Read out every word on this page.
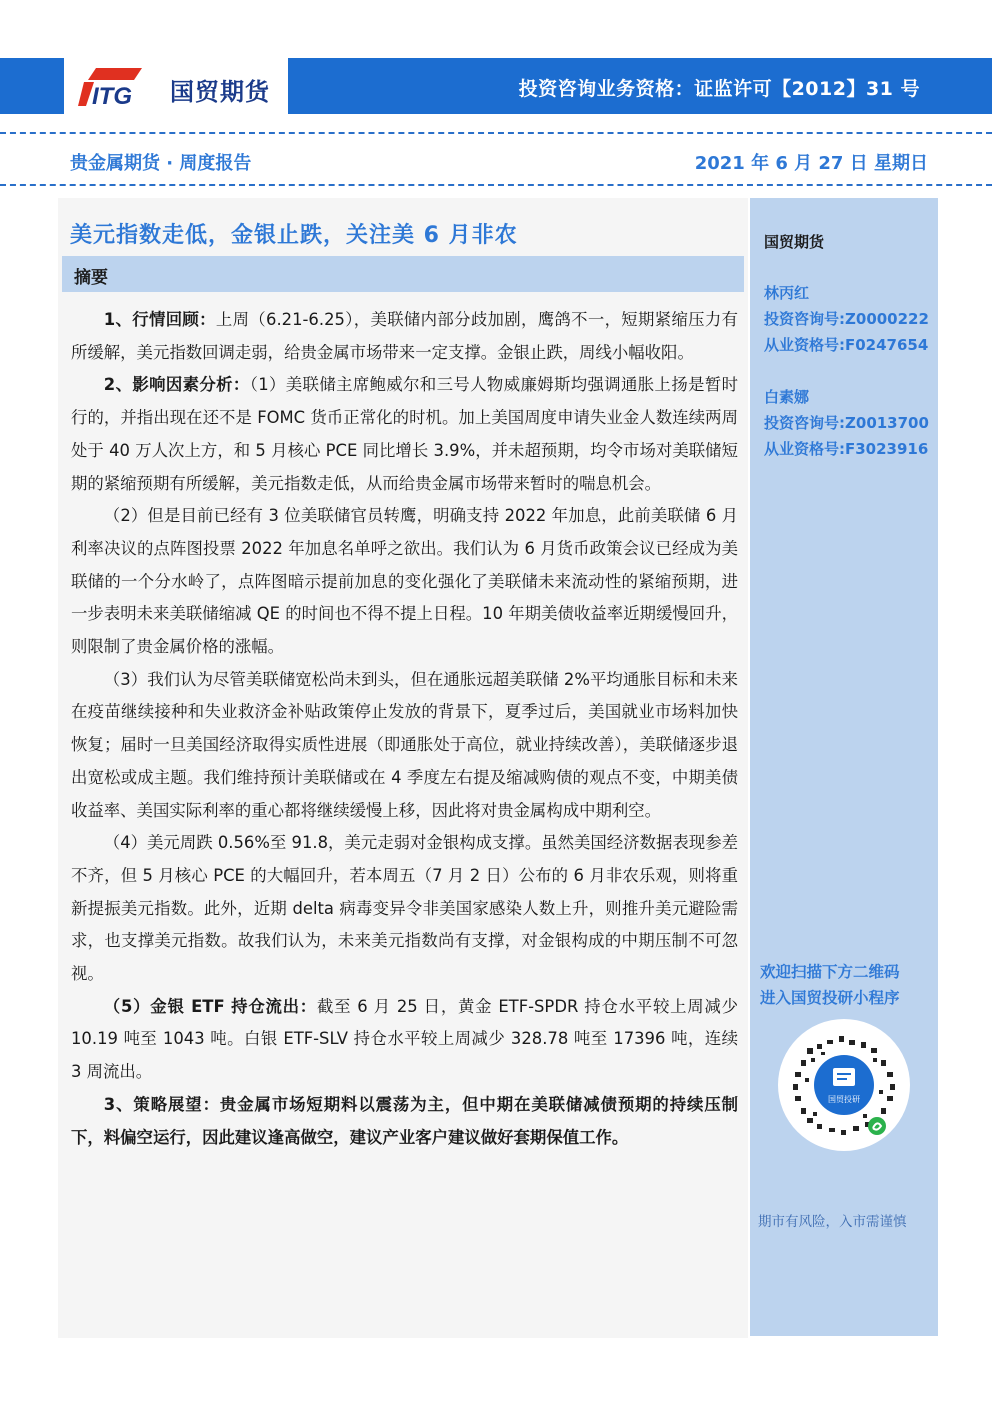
ITG 国贸期货	投资咨询业务资格：证监许可【2012】31 号
贵金属期货 · 周度报告	2021 年 6 月 27 日 星期日
美元指数走低，金银止跌，关注美 6 月非农
摘要

1、行情回顾：上周（6.21-6.25），美联储内部分歧加剧，鹰鸽不一，短期紧缩压力有所缓解，美元指数回调走弱，给贵金属市场带来一定支撑。金银止跌，周线小幅收阳。

2、影响因素分析：（1）美联储主席鲍威尔和三号人物威廉姆斯均强调通胀上扬是暂时行的，并指出现在还不是 FOMC 货币正常化的时机。加上美国周度申请失业金人数连续两周处于 40 万人次上方，和 5 月核心 PCE 同比增长 3.9%，并未超预期，均令市场对美联储短期的紧缩预期有所缓解，美元指数走低，从而给贵金属市场带来暂时的喘息机会。

（2）但是目前已经有 3 位美联储官员转鹰，明确支持 2022 年加息，此前美联储 6 月利率决议的点阵图投票 2022 年加息名单呼之欲出。我们认为 6 月货币政策会议已经成为美联储的一个分水岭了，点阵图暗示提前加息的变化强化了美联储未来流动性的紧缩预期，进一步表明未来美联储缩减 QE 的时间也不得不提上日程。10 年期美债收益率近期缓慢回升，则限制了贵金属价格的涨幅。

（3）我们认为尽管美联储宽松尚未到头，但在通胀远超美联储 2%平均通胀目标和未来在疫苗继续接种和失业救济金补贴政策停止发放的背景下，夏季过后，美国就业市场料加快恢复；届时一旦美国经济取得实质性进展（即通胀处于高位，就业持续改善），美联储逐步退出宽松或成主题。我们维持预计美联储或在 4 季度左右提及缩减购债的观点不变，中期美债收益率、美国实际利率的重心都将继续缓慢上移，因此将对贵金属构成中期利空。

（4）美元周跌 0.56%至 91.8，美元走弱对金银构成支撑。虽然美国经济数据表现参差不齐，但 5 月核心 PCE 的大幅回升，若本周五（7 月 2 日）公布的 6 月非农乐观，则将重新提振美元指数。此外，近期 delta 病毒变异令非美国家感染人数上升，则推升美元避险需求，也支撑美元指数。故我们认为，未来美元指数尚有支撑，对金银构成的中期压制不可忽视。

（5）金银 ETF 持仓流出：截至 6 月 25 日，黄金 ETF-SPDR 持仓水平较上周减少 10.19 吨至 1043 吨。白银 ETF-SLV 持仓水平较上周减少 328.78 吨至 17396 吨，连续 3 周流出。

3、策略展望：贵金属市场短期料以震荡为主，但中期在美联储减债预期的持续压制下，料偏空运行，因此建议逢高做空，建议产业客户建议做好套期保值工作。

国贸期货
林丙红
投资咨询号:Z0000222
从业资格号:F0247654
白素娜
投资咨询号:Z0013700
从业资格号:F3023916
欢迎扫描下方二维码
进入国贸投研小程序
国贸投研
期市有风险，入市需谨慎
